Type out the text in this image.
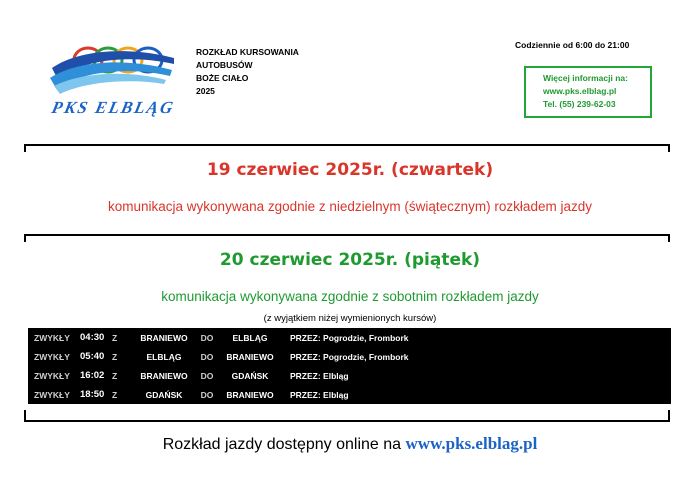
PKS ELBLĄG
ROZKŁAD KURSOWANIA
AUTOBUSÓW
BOŻE CIAŁO
2025
Codziennie od 6:00 do 21:00
Więcej informacji na:
www.pks.elblag.pl
Tel. (55) 239-62-03
19 czerwiec 2025r. (czwartek)
komunikacja wykonywana zgodnie z niedzielnym (świątecznym) rozkładem jazdy
20 czerwiec 2025r. (piątek)
komunikacja wykonywana zgodnie z sobotnim rozkładem jazdy
(z wyjątkiem niżej wymienionych kursów)
ZWYKŁY 04:30 Z	BRANIEWO	DO	ELBLĄG	PRZEZ: Pogrodzie, Frombork
ZWYKŁY 05:40 Z	ELBLĄG	DO	BRANIEWO	PRZEZ: Pogrodzie, Frombork
ZWYKŁY 16:02 Z	BRANIEWO	DO	GDAŃSK	PRZEZ: Elbląg
ZWYKŁY 18:50 Z	GDAŃSK	DO	BRANIEWO	PRZEZ: Elbląg
Rozkład jazdy dostępny online na www.pks.elblag.pl
